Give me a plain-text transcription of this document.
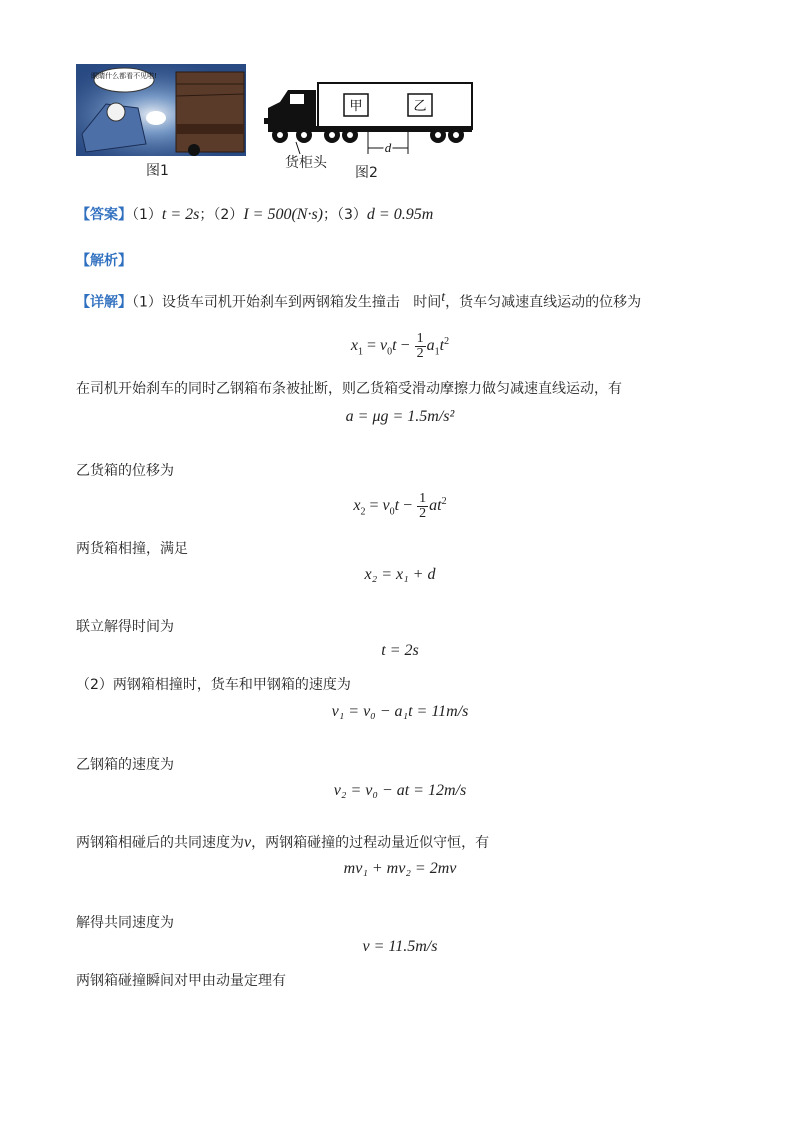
眼睛什么都看不见啦!
图1
甲	乙
d
货柜头
图2
【答案】（1）t = 2s；（2）I = 500(N·s)；（3）d = 0.95m
【解析】
【详解】（1）设货车司机开始刹车到两钢箱发生撞击 时间$^t$，货车匀减速直线运动的位移为
$x_1 = v_0t - \frac{1}{2} a_1t^2$
在司机开始刹车的同时乙钢箱布条被扯断，则乙货箱受滑动摩擦力做匀减速直线运动，有
a = μg = 1.5m/s²
乙货箱的位移为
$x_2 = v_0t - \frac{1}{2} at^2$
两货箱相撞，满足
x₂ = x₁ + d
联立解得时间为
t = 2s
（2）两钢箱相撞时，货车和甲钢箱的速度为
v₁ = v₀ − a₁t = 11m/s
乙钢箱的速度为
v₂ = v₀ − at = 12m/s
两钢箱相碰后的共同速度为v，两钢箱碰撞的过程动量近似守恒，有
mv₁ + mv₂ = 2mv
解得共同速度为
v = 11.5m/s
两钢箱碰撞瞬间对甲由动量定理有
